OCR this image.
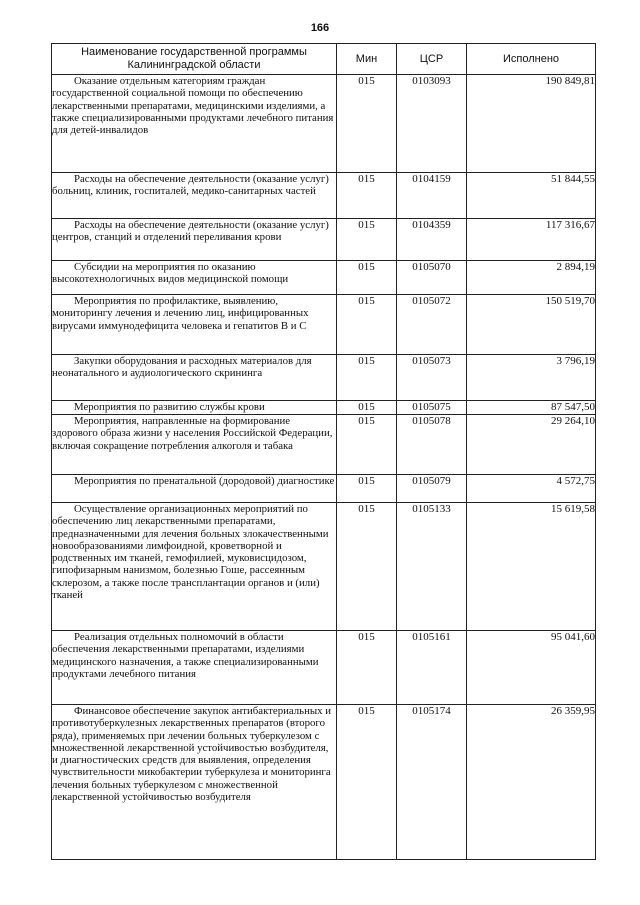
166
Наименование государственной программы Калининградской области	Мин	ЦСР	Исполнено
Оказание отдельным категориям граждан государственной социальной помощи по обеспечению лекарственными препаратами, медицинскими изделиями, а также специализированными продуктами лечебного питания для детей-инвалидов	015	0103093	190 849,81
Расходы на обеспечение деятельности (оказание услуг) больниц, клиник, госпиталей, медико-санитарных частей	015	0104159	51 844,55
Расходы на обеспечение деятельности (оказание услуг) центров, станций и отделений переливания крови	015	0104359	117 316,67
Субсидии на мероприятия по оказанию высокотехнологичных видов медицинской помощи	015	0105070	2 894,19
Мероприятия по профилактике, выявлению, мониторингу лечения и лечению лиц, инфицированных вирусами иммунодефицита человека и гепатитов В и С	015	0105072	150 519,70
Закупки оборудования и расходных материалов для неонатального и аудиологического скрининга	015	0105073	3 796,19
Мероприятия по развитию службы крови	015	0105075	87 547,50
Мероприятия, направленные на формирование здорового образа жизни у населения Российской Федерации, включая сокращение потребления алкоголя и табака	015	0105078	29 264,10
Мероприятия по пренатальной (дородовой) диагностике	015	0105079	4 572,75
Осуществление организационных мероприятий по обеспечению лиц лекарственными препаратами, предназначенными для лечения больных злокачественными новообразованиями лимфоидной, кроветворной и родственных им тканей, гемофилией, муковисцидозом, гипофизарным нанизмом, болезнью Гоше, рассеянным склерозом, а также после трансплантации органов и (или) тканей	015	0105133	15 619,58
Реализация отдельных полномочий в области обеспечения лекарственными препаратами, изделиями медицинского назначения, а также специализированными продуктами лечебного питания	015	0105161	95 041,60
Финансовое обеспечение закупок антибактериальных и противотуберкулезных лекарственных препаратов (второго ряда), применяемых при лечении больных туберкулезом с множественной лекарственной устойчивостью возбудителя, и диагностических средств для выявления, определения чувствительности микобактерии туберкулеза и мониторинга лечения больных туберкулезом с множественной лекарственной устойчивостью возбудителя	015	0105174	26 359,95
